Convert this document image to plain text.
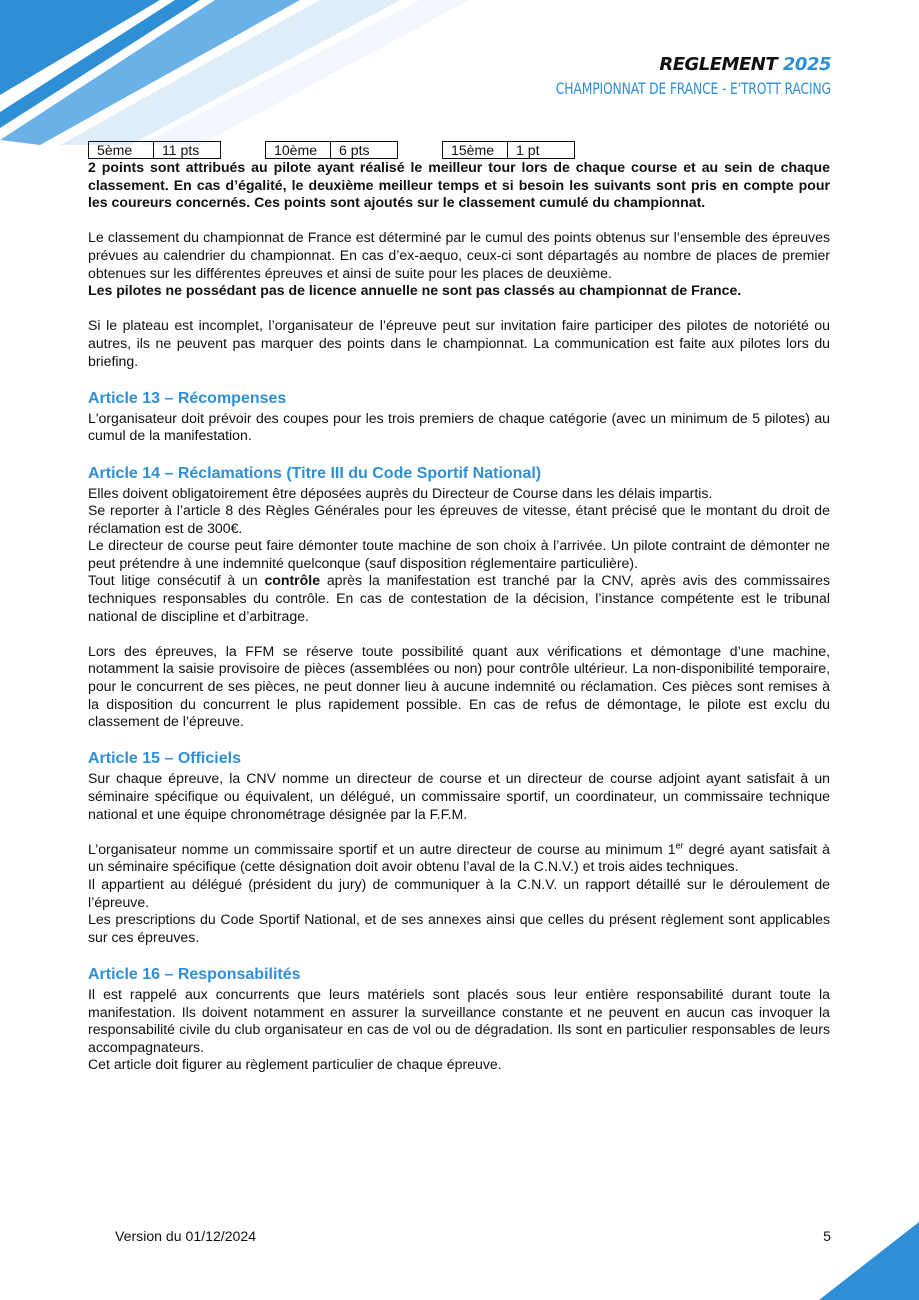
REGLEMENT 2025
CHAMPIONNAT DE FRANCE - E'TROTT RACING
5ème	11 pts	10ème	6 pts	15ème	1 pt

2 points sont attribués au pilote ayant réalisé le meilleur tour lors de chaque course et au sein de chaque classement. En cas d’égalité, le deuxième meilleur temps et si besoin les suivants sont pris en compte pour les coureurs concernés. Ces points sont ajoutés sur le classement cumulé du championnat.

Le classement du championnat de France est déterminé par le cumul des points obtenus sur l’ensemble des épreuves prévues au calendrier du championnat. En cas d’ex-aequo, ceux-ci sont départagés au nombre de places de premier obtenues sur les différentes épreuves et ainsi de suite pour les places de deuxième.

Les pilotes ne possédant pas de licence annuelle ne sont pas classés au championnat de France.

Si le plateau est incomplet, l’organisateur de l’épreuve peut sur invitation faire participer des pilotes de notoriété ou autres, ils ne peuvent pas marquer des points dans le championnat. La communication est faite aux pilotes lors du briefing.

Article 13 – Récompenses

L'organisateur doit prévoir des coupes pour les trois premiers de chaque catégorie (avec un minimum de 5 pilotes) au cumul de la manifestation.

Article 14 – Réclamations (Titre III du Code Sportif National)

Elles doivent obligatoirement être déposées auprès du Directeur de Course dans les délais impartis.

Se reporter à l’article 8 des Règles Générales pour les épreuves de vitesse, étant précisé que le montant du droit de réclamation est de 300€.

Le directeur de course peut faire démonter toute machine de son choix à l’arrivée. Un pilote contraint de démonter ne peut prétendre à une indemnité quelconque (sauf disposition réglementaire particulière).

Tout litige consécutif à un contrôle après la manifestation est tranché par la CNV, après avis des commissaires techniques responsables du contrôle. En cas de contestation de la décision, l’instance compétente est le tribunal national de discipline et d’arbitrage.

Lors des épreuves, la FFM se réserve toute possibilité quant aux vérifications et démontage d’une machine, notamment la saisie provisoire de pièces (assemblées ou non) pour contrôle ultérieur. La non-disponibilité temporaire, pour le concurrent de ses pièces, ne peut donner lieu à aucune indemnité ou réclamation. Ces pièces sont remises à la disposition du concurrent le plus rapidement possible. En cas de refus de démontage, le pilote est exclu du classement de l’épreuve.

Article 15 – Officiels

Sur chaque épreuve, la CNV nomme un directeur de course et un directeur de course adjoint ayant satisfait à un séminaire spécifique ou équivalent, un délégué, un commissaire sportif, un coordinateur, un commissaire technique national et une équipe chronométrage désignée par la F.F.M.

L’organisateur nomme un commissaire sportif et un autre directeur de course au minimum 1er degré ayant satisfait à un séminaire spécifique (cette désignation doit avoir obtenu l’aval de la C.N.V.) et trois aides techniques.

Il appartient au délégué (président du jury) de communiquer à la C.N.V. un rapport détaillé sur le déroulement de l’épreuve.

Les prescriptions du Code Sportif National, et de ses annexes ainsi que celles du présent règlement sont applicables sur ces épreuves.

Article 16 – Responsabilités

Il est rappelé aux concurrents que leurs matériels sont placés sous leur entière responsabilité durant toute la manifestation. Ils doivent notamment en assurer la surveillance constante et ne peuvent en aucun cas invoquer la responsabilité civile du club organisateur en cas de vol ou de dégradation. Ils sont en particulier responsables de leurs accompagnateurs.

Cet article doit figurer au règlement particulier de chaque épreuve.

Version du 01/12/2024	5
